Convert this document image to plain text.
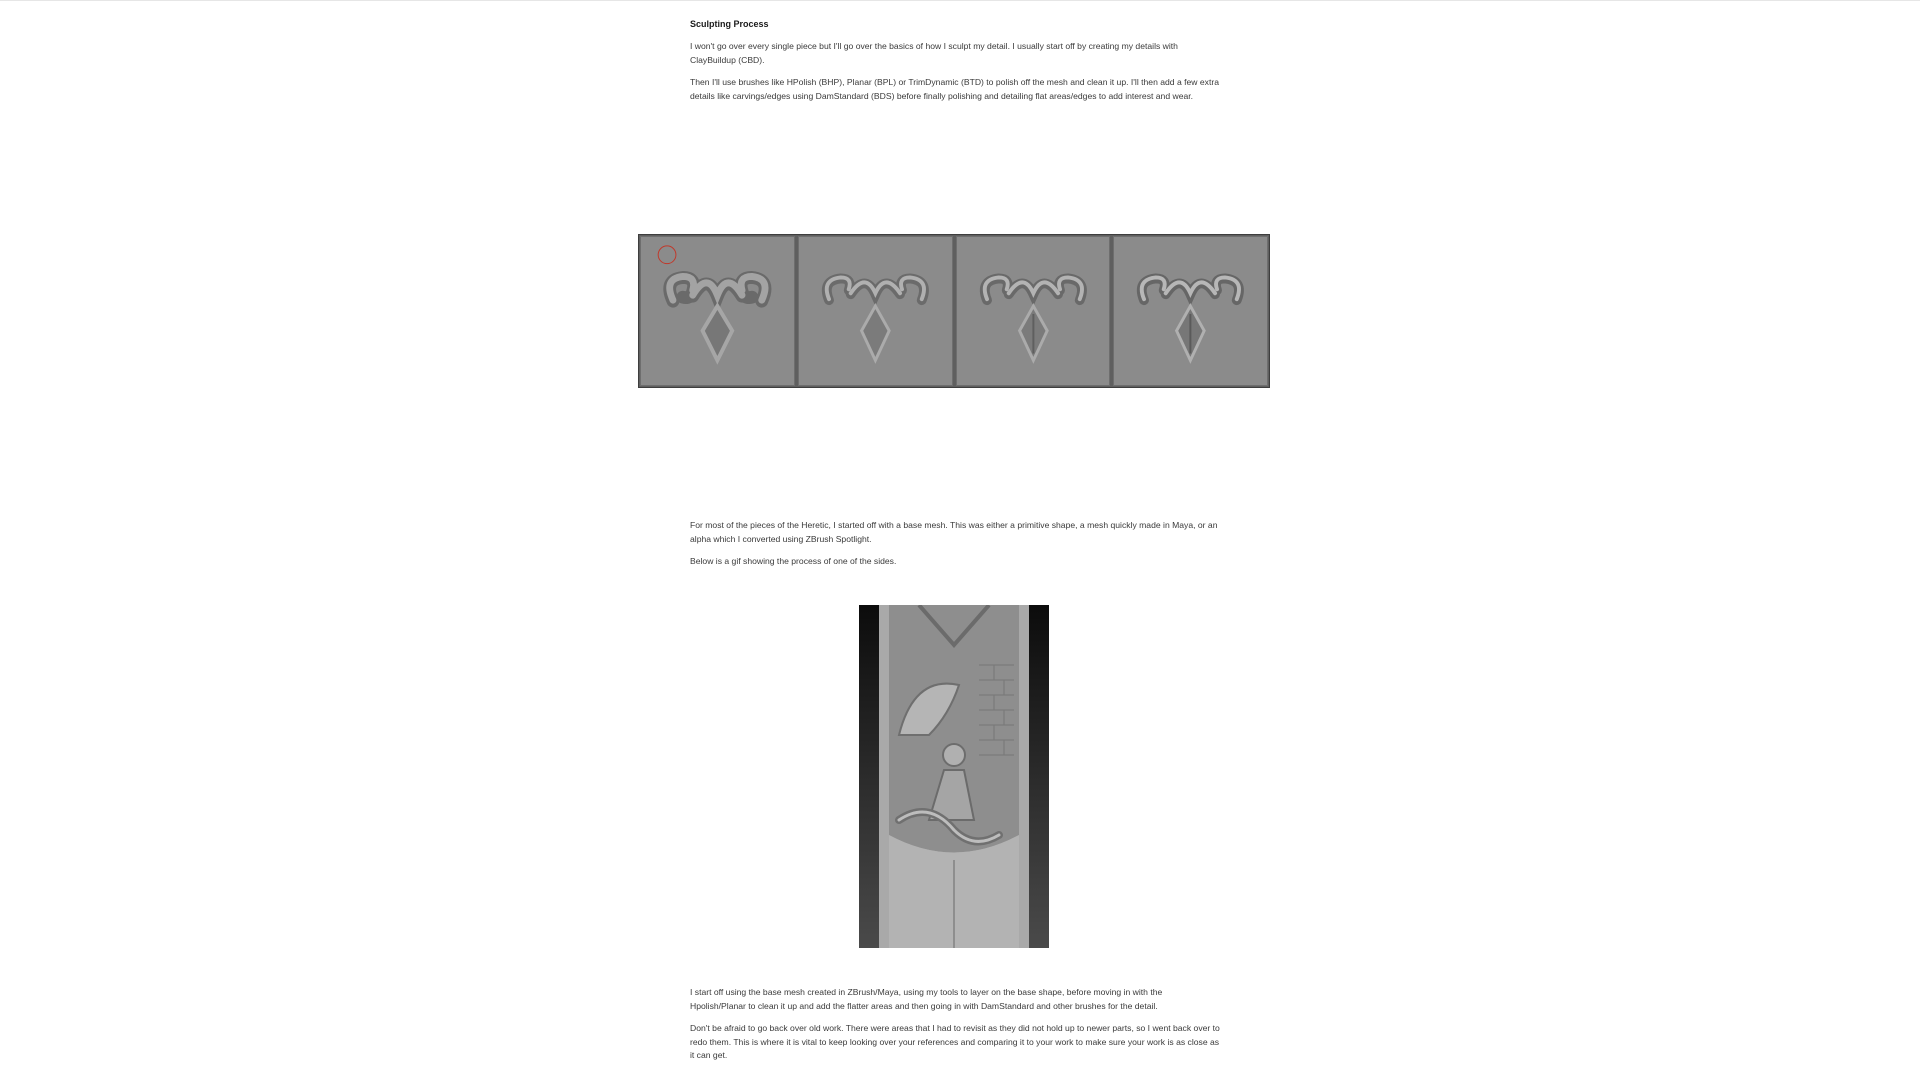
Sculpting Process

I won't go over every single piece but I'll go over the basics of how I sculpt my detail. I usually start off by creating my details with ClayBuildup (CBD).

Then I'll use brushes like HPolish (BHP), Planar (BPL) or TrimDynamic (BTD) to polish off the mesh and clean it up. I'll then add a few extra details like carvings/edges using DamStandard (BDS) before finally polishing and detailing flat areas/edges to add interest and wear.

For most of the pieces of the Heretic, I started off with a base mesh. This was either a primitive shape, a mesh quickly made in Maya, or an alpha which I converted using ZBrush Spotlight.

Below is a gif showing the process of one of the sides.

I start off using the base mesh created in ZBrush/Maya, using my tools to layer on the base shape, before moving in with the Hpolish/Planar to clean it up and add the flatter areas and then going in with DamStandard and other brushes for the detail.

Don't be afraid to go back over old work. There were areas that I had to revisit as they did not hold up to newer parts, so I went back over to redo them. This is where it is vital to keep looking over your references and comparing it to your work to make sure your work is as close as it can get.
